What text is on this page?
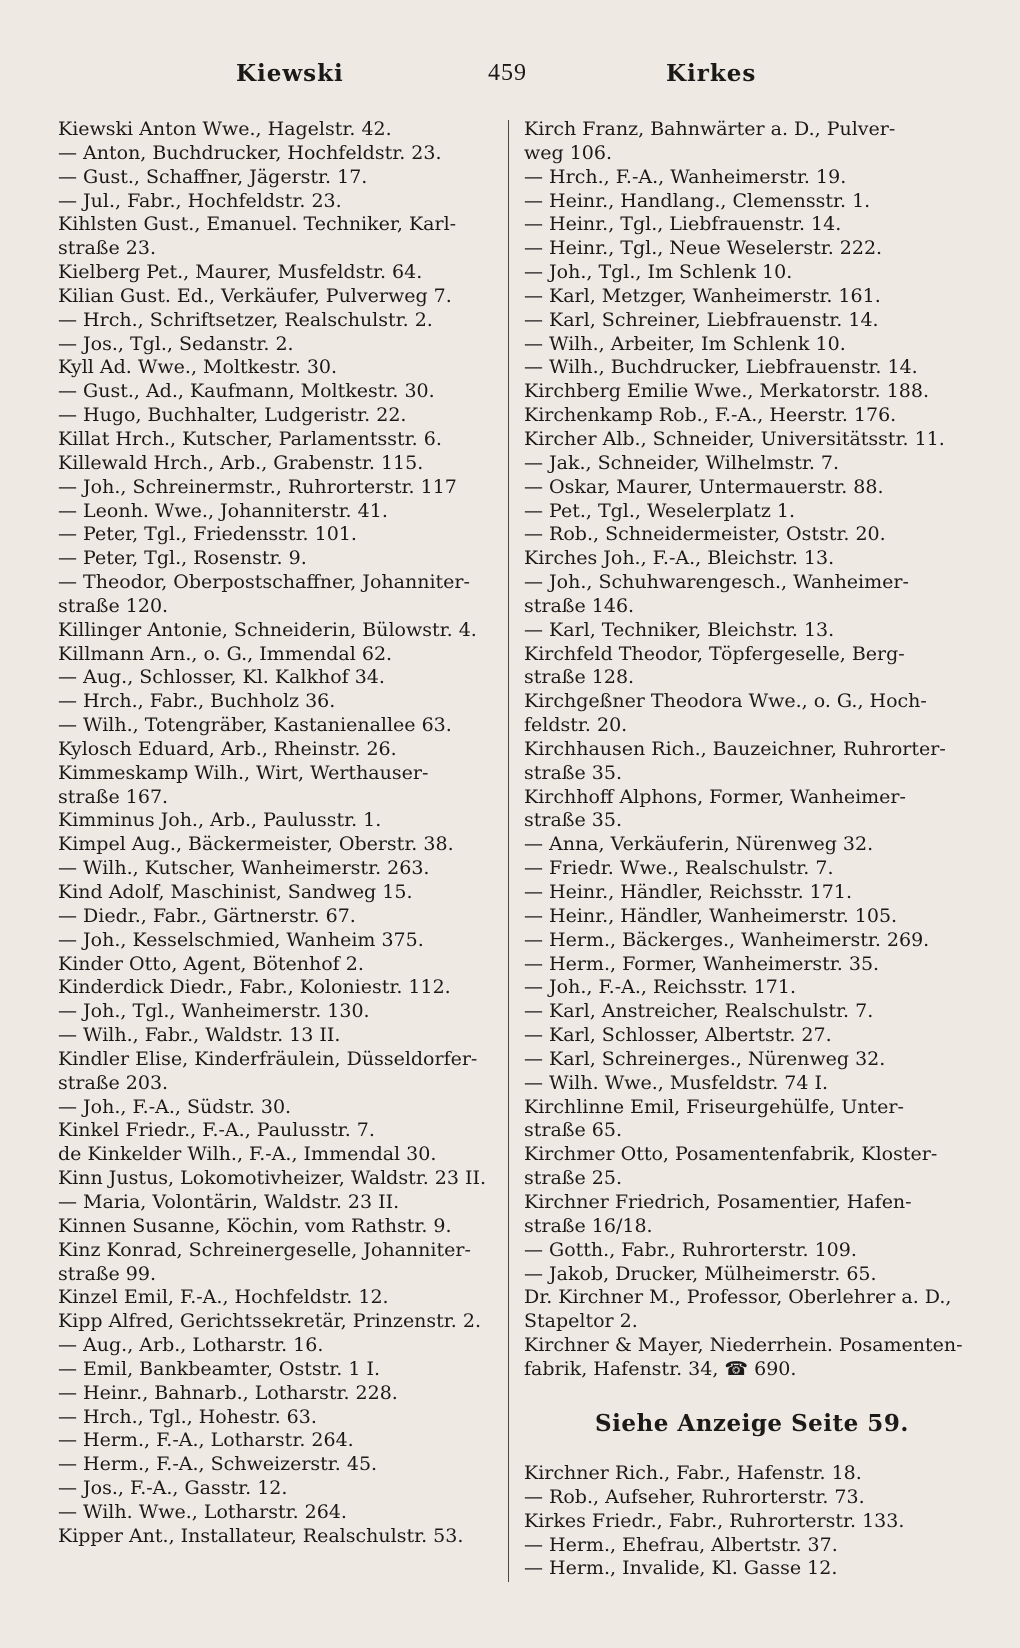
Kiewski	459	Kirkes
Kiewski Anton Wwe., Hagelstr. 42.
— Anton, Buchdrucker, Hochfeldstr. 23.
— Gust., Schaffner, Jägerstr. 17.
— Jul., Fabr., Hochfeldstr. 23.
Kihlsten Gust., Emanuel. Techniker, Karl-
straße 23.
Kielberg Pet., Maurer, Musfeldstr. 64.
Kilian Gust. Ed., Verkäufer, Pulverweg 7.
— Hrch., Schriftsetzer, Realschulstr. 2.
— Jos., Tgl., Sedanstr. 2.
Kyll Ad. Wwe., Moltkestr. 30.
— Gust., Ad., Kaufmann, Moltkestr. 30.
— Hugo, Buchhalter, Ludgeristr. 22.
Killat Hrch., Kutscher, Parlamentsstr. 6.
Killewald Hrch., Arb., Grabenstr. 115.
— Joh., Schreinermstr., Ruhrorterstr. 117
— Leonh. Wwe., Johanniterstr. 41.
— Peter, Tgl., Friedensstr. 101.
— Peter, Tgl., Rosenstr. 9.
— Theodor, Oberpostschaffner, Johanniter-
straße 120.
Killinger Antonie, Schneiderin, Bülowstr. 4.
Killmann Arn., o. G., Immendal 62.
— Aug., Schlosser, Kl. Kalkhof 34.
— Hrch., Fabr., Buchholz 36.
— Wilh., Totengräber, Kastanienallee 63.
Kylosch Eduard, Arb., Rheinstr. 26.
Kimmeskamp Wilh., Wirt, Werthauser-
straße 167.
Kimminus Joh., Arb., Paulusstr. 1.
Kimpel Aug., Bäckermeister, Oberstr. 38.
— Wilh., Kutscher, Wanheimerstr. 263.
Kind Adolf, Maschinist, Sandweg 15.
— Diedr., Fabr., Gärtnerstr. 67.
— Joh., Kesselschmied, Wanheim 375.
Kinder Otto, Agent, Bötenhof 2.
Kinderdick Diedr., Fabr., Koloniestr. 112.
— Joh., Tgl., Wanheimerstr. 130.
— Wilh., Fabr., Waldstr. 13 II.
Kindler Elise, Kinderfräulein, Düsseldorfer-
straße 203.
— Joh., F.-A., Südstr. 30.
Kinkel Friedr., F.-A., Paulusstr. 7.
de Kinkelder Wilh., F.-A., Immendal 30.
Kinn Justus, Lokomotivheizer, Waldstr. 23 II.
— Maria, Volontärin, Waldstr. 23 II.
Kinnen Susanne, Köchin, vom Rathstr. 9.
Kinz Konrad, Schreinergeselle, Johanniter-
straße 99.
Kinzel Emil, F.-A., Hochfeldstr. 12.
Kipp Alfred, Gerichtssekretär, Prinzenstr. 2.
— Aug., Arb., Lotharstr. 16.
— Emil, Bankbeamter, Oststr. 1 I.
— Heinr., Bahnarb., Lotharstr. 228.
— Hrch., Tgl., Hohestr. 63.
— Herm., F.-A., Lotharstr. 264.
— Herm., F.-A., Schweizerstr. 45.
— Jos., F.-A., Gasstr. 12.
— Wilh. Wwe., Lotharstr. 264.
Kipper Ant., Installateur, Realschulstr. 53.
Kirch Franz, Bahnwärter a. D., Pulver-
weg 106.
— Hrch., F.-A., Wanheimerstr. 19.
— Heinr., Handlang., Clemensstr. 1.
— Heinr., Tgl., Liebfrauenstr. 14.
— Heinr., Tgl., Neue Weselerstr. 222.
— Joh., Tgl., Im Schlenk 10.
— Karl, Metzger, Wanheimerstr. 161.
— Karl, Schreiner, Liebfrauenstr. 14.
— Wilh., Arbeiter, Im Schlenk 10.
— Wilh., Buchdrucker, Liebfrauenstr. 14.
Kirchberg Emilie Wwe., Merkatorstr. 188.
Kirchenkamp Rob., F.-A., Heerstr. 176.
Kircher Alb., Schneider, Universitätsstr. 11.
— Jak., Schneider, Wilhelmstr. 7.
— Oskar, Maurer, Untermauerstr. 88.
— Pet., Tgl., Weselerplatz 1.
— Rob., Schneidermeister, Oststr. 20.
Kirches Joh., F.-A., Bleichstr. 13.
— Joh., Schuhwarengesch., Wanheimer-
straße 146.
— Karl, Techniker, Bleichstr. 13.
Kirchfeld Theodor, Töpfergeselle, Berg-
straße 128.
Kirchgeßner Theodora Wwe., o. G., Hoch-
feldstr. 20.
Kirchhausen Rich., Bauzeichner, Ruhrorter-
straße 35.
Kirchhoff Alphons, Former, Wanheimer-
straße 35.
— Anna, Verkäuferin, Nürenweg 32.
— Friedr. Wwe., Realschulstr. 7.
— Heinr., Händler, Reichsstr. 171.
— Heinr., Händler, Wanheimerstr. 105.
— Herm., Bäckerges., Wanheimerstr. 269.
— Herm., Former, Wanheimerstr. 35.
— Joh., F.-A., Reichsstr. 171.
— Karl, Anstreicher, Realschulstr. 7.
— Karl, Schlosser, Albertstr. 27.
— Karl, Schreinerges., Nürenweg 32.
— Wilh. Wwe., Musfeldstr. 74 I.
Kirchlinne Emil, Friseurgehülfe, Unter-
straße 65.
Kirchmer Otto, Posamentenfabrik, Kloster-
straße 25.
Kirchner Friedrich, Posamentier, Hafen-
straße 16/18.
— Gotth., Fabr., Ruhrorterstr. 109.
— Jakob, Drucker, Mülheimerstr. 65.
Dr. Kirchner M., Professor, Oberlehrer a. D.,
Stapeltor 2.
Kirchner & Mayer, Niederrhein. Posamenten-
fabrik, Hafenstr. 34, ☎ 690.
Siehe Anzeige Seite 59.
Kirchner Rich., Fabr., Hafenstr. 18.
— Rob., Aufseher, Ruhrorterstr. 73.
Kirkes Friedr., Fabr., Ruhrorterstr. 133.
— Herm., Ehefrau, Albertstr. 37.
— Herm., Invalide, Kl. Gasse 12.
